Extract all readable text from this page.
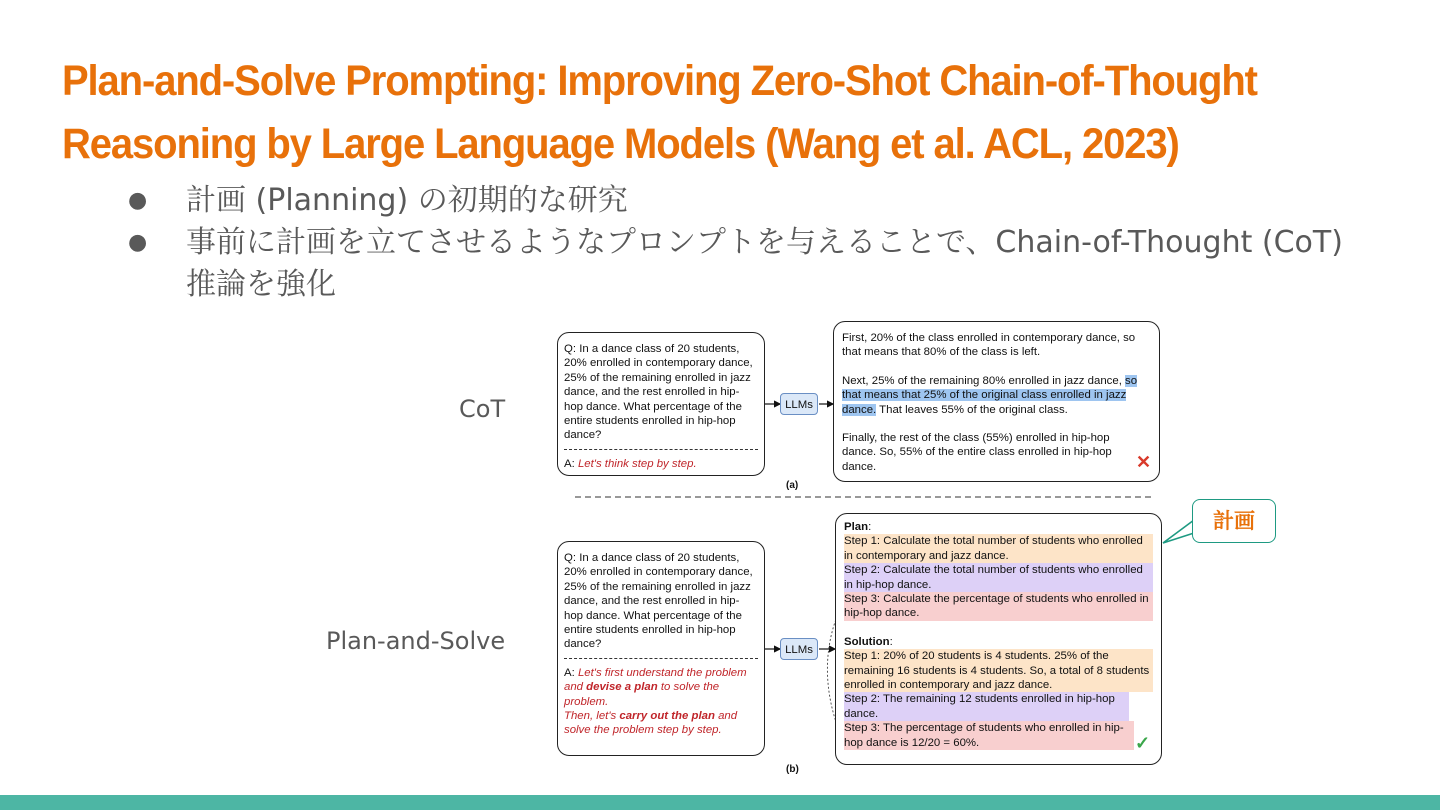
Plan-and-Solve Prompting: Improving Zero-Shot Chain-of-Thought
Reasoning by Large Language Models (Wang et al. ACL, 2023)
● 計画 (Planning) の初期的な研究
● 事前に計画を立てさせるようなプロンプトを与えることで、Chain-of-Thought (CoT) 推論を強化
CoT
Plan-and-Solve
Q: In a dance class of 20 students, 20% enrolled in contemporary dance, 25% of the remaining enrolled in jazz dance, and the rest enrolled in hip-hop dance. What percentage of the entire students enrolled in hip-hop dance?
A: Let's think step by step.
LLMs
First, 20% of the class enrolled in contemporary dance, so that means that 80% of the class is left.
Next, 25% of the remaining 80% enrolled in jazz dance, so that means that 25% of the original class enrolled in jazz dance. That leaves 55% of the original class.
Finally, the rest of the class (55%) enrolled in hip-hop dance. So, 55% of the entire class enrolled in hip-hop dance.	✕
(a)
Q: In a dance class of 20 students, 20% enrolled in contemporary dance, 25% of the remaining enrolled in jazz dance, and the rest enrolled in hip-hop dance. What percentage of the entire students enrolled in hip-hop dance?
A: Let's first understand the problem and devise a plan to solve the problem.
Then, let's carry out the plan and solve the problem step by step.
LLMs
Plan:
Step 1: Calculate the total number of students who enrolled in contemporary and jazz dance.
Step 2: Calculate the total number of students who enrolled in hip-hop dance.
Step 3: Calculate the percentage of students who enrolled in hip-hop dance.
Solution:
Step 1: 20% of 20 students is 4 students. 25% of the remaining 16 students is 4 students. So, a total of 8 students enrolled in contemporary and jazz dance.
Step 2: The remaining 12 students enrolled in hip-hop dance.
Step 3: The percentage of students who enrolled in hip-hop dance is 12/20 = 60%.	✓
(b)
計画
